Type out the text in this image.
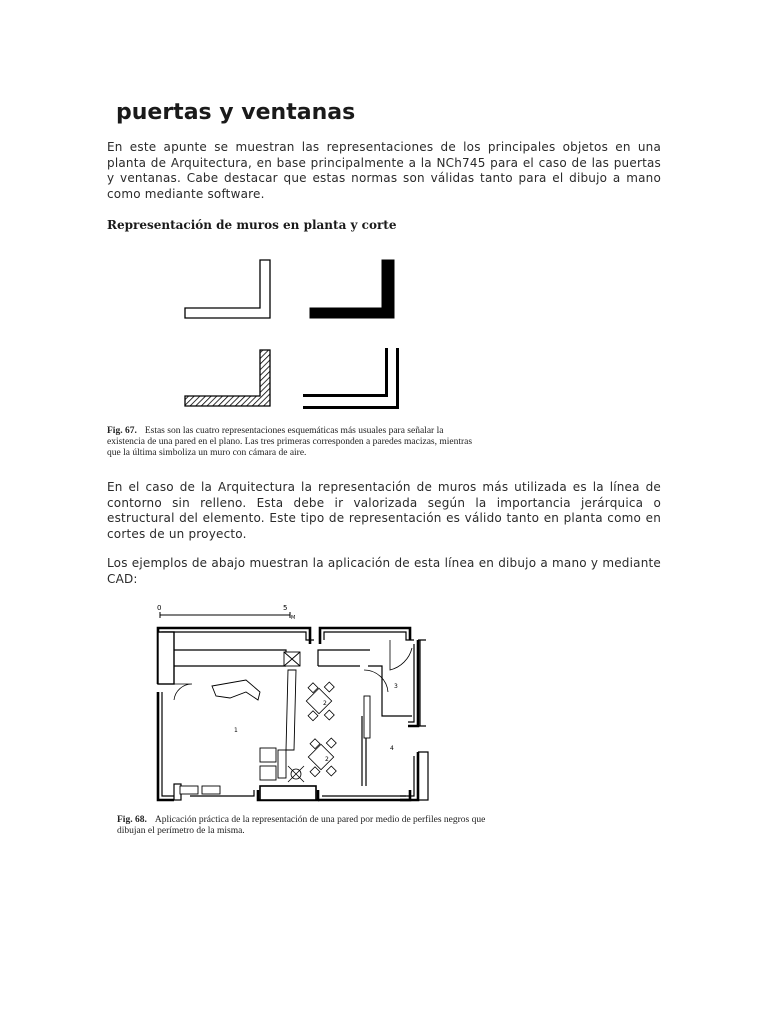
puertas y ventanas

En este apunte se muestran las representaciones de los principales objetos en una planta de Arquitectura, en base principalmente a la NCh745 para el caso de las puertas y ventanas. Cabe destacar que estas normas son válidas tanto para el dibujo a mano como mediante software.

Representación de muros en planta y corte

Fig. 67. Estas son las cuatro representaciones esquemáticas más usuales para señalar la existencia de una pared en el plano. Las tres primeras corresponden a paredes macizas, mientras que la última simboliza un muro con cámara de aire.

En el caso de la Arquitectura la representación de muros más utilizada es la línea de contorno sin relleno. Esta debe ir valorizada según la importancia jerárquica o estructural del elemento. Este tipo de representación es válido tanto en planta como en cortes de un proyecto.

Los ejemplos de abajo muestran la aplicación de esta línea en dibujo a mano y mediante CAD:

0	5
M
1
2
2
3
4

Fig. 68. Aplicación práctica de la representación de una pared por medio de perfiles negros que dibujan el perímetro de la misma.
